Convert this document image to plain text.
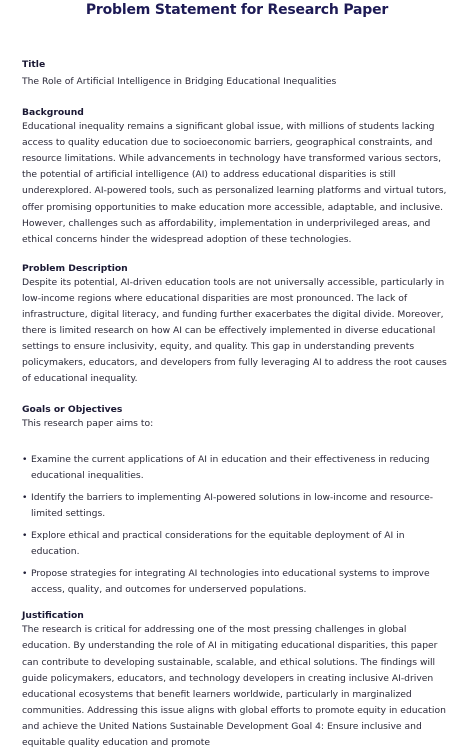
Problem Statement for Research Paper

Title

The Role of Artificial Intelligence in Bridging Educational Inequalities

Background

Educational inequality remains a significant global issue, with millions of students lacking access to quality education due to socioeconomic barriers, geographical constraints, and resource limitations. While advancements in technology have transformed various sectors, the potential of artificial intelligence (AI) to address educational disparities is still underexplored. AI-powered tools, such as personalized learning platforms and virtual tutors, offer promising opportunities to make education more accessible, adaptable, and inclusive. However, challenges such as affordability, implementation in underprivileged areas, and ethical concerns hinder the widespread adoption of these technologies.

Problem Description

Despite its potential, AI-driven education tools are not universally accessible, particularly in low-income regions where educational disparities are most pronounced. The lack of infrastructure, digital literacy, and funding further exacerbates the digital divide. Moreover, there is limited research on how AI can be effectively implemented in diverse educational settings to ensure inclusivity, equity, and quality. This gap in understanding prevents policymakers, educators, and developers from fully leveraging AI to address the root causes of educational inequality.

Goals or Objectives

This research paper aims to:

• Examine the current applications of AI in education and their effectiveness in reducing educational inequalities.
• Identify the barriers to implementing AI-powered solutions in low-income and resource-limited settings.
• Explore ethical and practical considerations for the equitable deployment of AI in education.
• Propose strategies for integrating AI technologies into educational systems to improve access, quality, and outcomes for underserved populations.

Justification

The research is critical for addressing one of the most pressing challenges in global education. By understanding the role of AI in mitigating educational disparities, this paper can contribute to developing sustainable, scalable, and ethical solutions. The findings will guide policymakers, educators, and technology developers in creating inclusive AI-driven educational ecosystems that benefit learners worldwide, particularly in marginalized communities. Addressing this issue aligns with global efforts to promote equity in education and achieve the United Nations Sustainable Development Goal 4: Ensure inclusive and equitable quality education and promote
